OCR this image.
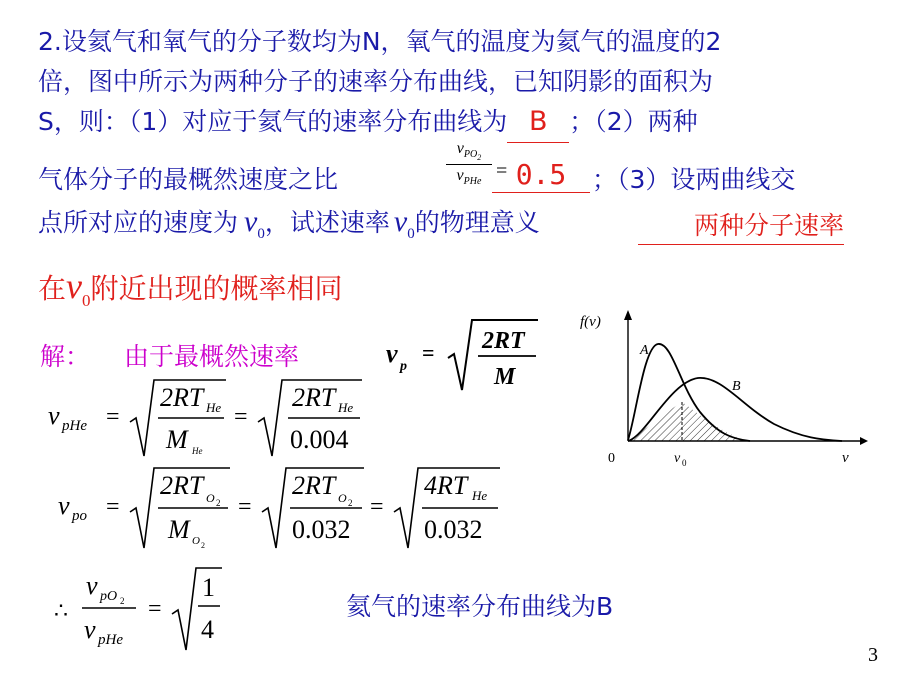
2.设氦气和氧气的分子数均为N，氧气的温度为氦气的温度的2
倍，图中所示为两种分子的速率分布曲线，已知阴影的面积为
S，则：（1）对应于氦气的速率分布曲线为 B ；（2）两种
气体分子的最概然速度之比
$v_{PO_2}$
$v_{PHe} = 0.5$	；（3）设两曲线交
点所对应的速度为 $v_0$，试述速率 $v_0$的物理意义	两种分子速率
在$v_0$附近出现的概率相同
解： 由于最概然速率	v p
= 2RT
M
v pHe =
2RT He
M He
=
2RT He
0.004
v po =
2RT O 2
M O 2
=
2RT O 2
0.032
=
4RT He
0.032
∴
v pO 2
v pHe
=
1
4
氦气的速率分布曲线为B
f(v)
0	v 0	v
A
B
3
